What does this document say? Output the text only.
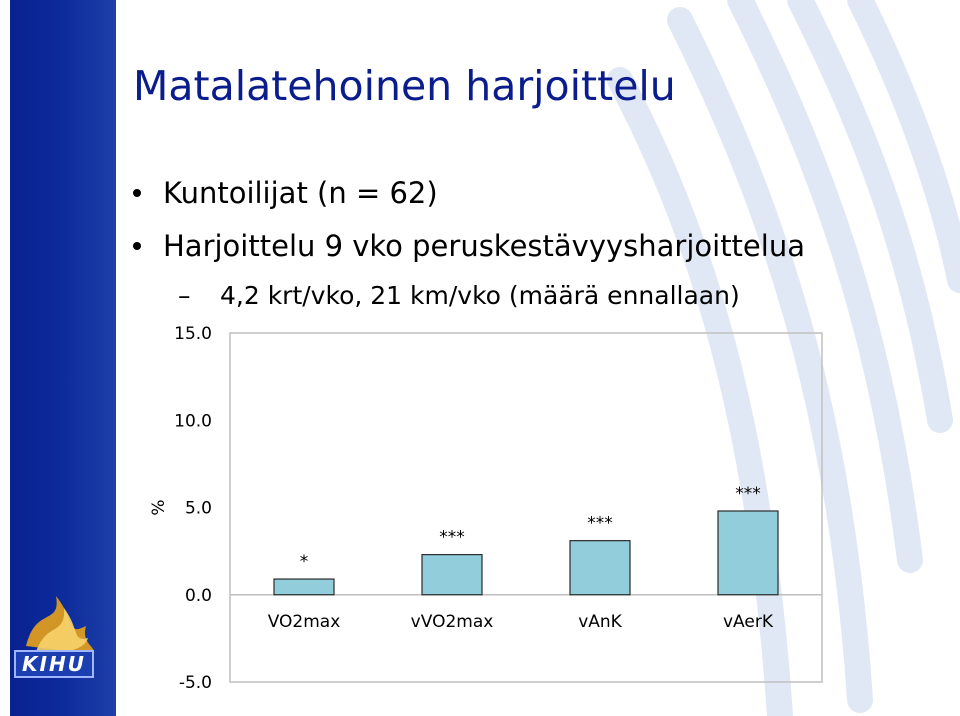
KIHU
Matalatehoinen harjoittelu
Kuntoilijat (n = 62)
Harjoittelu 9 vko peruskestävyysharjoittelua
– 4,2 krt/vko, 21 km/vko (määrä ennallaan)
15.0
10.0
5.0
0.0
-5.0
*
***
***
***
VO2max	vVO2max	vAnK	vAerK
%
